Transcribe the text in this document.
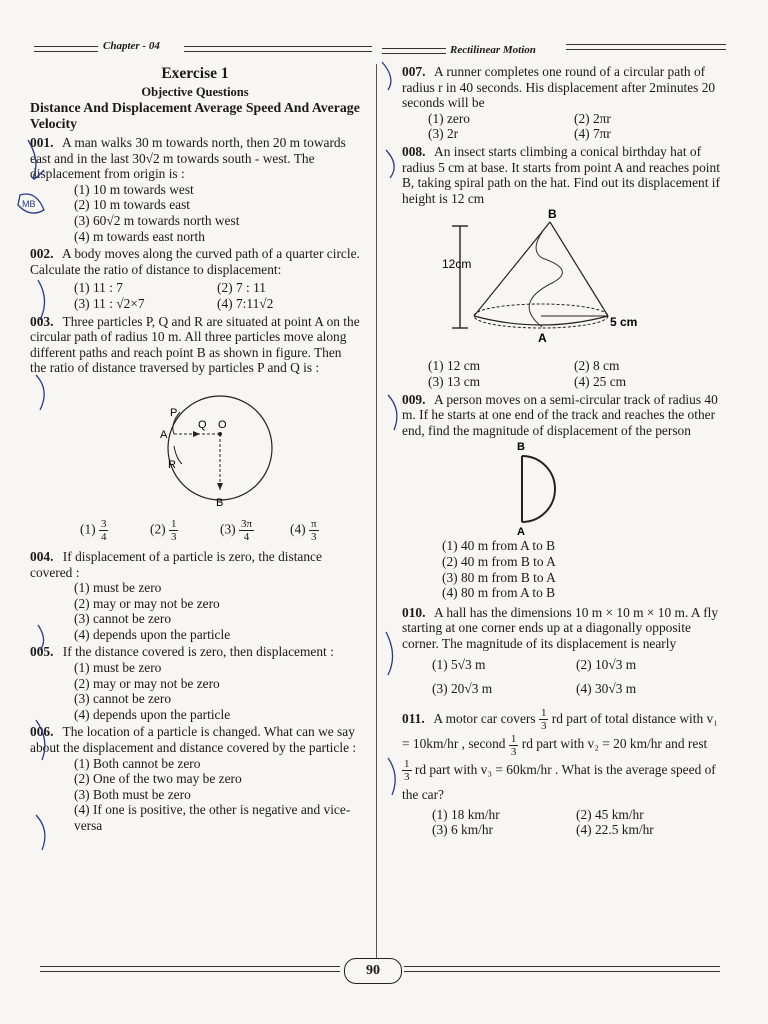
Chapter - 04	Rectilinear Motion
Exercise 1
Objective Questions
Distance And Displacement Average Speed And Average Velocity
001. A man walks 30 m towards north, then 20 m towards east and in the last 30√2 m towards south - west. The displacement from origin is :
(1) 10 m towards west
(2) 10 m towards east
(3) 60√2 m towards north west
(4) m towards east north
002. A body moves along the curved path of a quarter circle. Calculate the ratio of distance to displacement:
(1) 11 : 7	(2) 7 : 11
(3) 11 : √2×7	(4) 7:11√2
003. Three particles P, Q and R are situated at point A on the circular path of radius 10 m. All three particles move along different paths and reach point B as shown in figure. Then the ratio of distance traversed by particles P and Q is :
P
Q O
A
R
B
$(1) \frac{3}{4}$	$(2) \frac{1}{3}$	$(3) \frac{3\pi}{4}$	$(4) \frac{\pi}{3}$
004. If displacement of a particle is zero, the distance covered :
(1) must be zero
(2) may or may not be zero
(3) cannot be zero
(4) depends upon the particle
005. If the distance covered is zero, then displacement :
(1) must be zero
(2) may or may not be zero
(3) cannot be zero
(4) depends upon the particle
006. The location of a particle is changed. What can we say about the displacement and distance covered by the particle :
(1) Both cannot be zero
(2) One of the two may be zero
(3) Both must be zero
(4) If one is positive, the other is negative and vice-versa
007. A runner completes one round of a circular path of radius r in 40 seconds. His displacement after 2minutes 20 seconds will be
(1) zero	(2) 2πr
(3) 2r	(4) 7πr
008. An insect starts climbing a conical birthday hat of radius 5 cm at base. It starts from point A and reaches point B, taking spiral path on the hat. Find out its displacement if height is 12 cm
12cm
B
A
5 cm
(1) 12 cm	(2) 8 cm
(3) 13 cm	(4) 25 cm
009. A person moves on a semi-circular track of radius 40 m. If he starts at one end of the track and reaches the other end, find the magnitude of displacement of the person
B
A
(1) 40 m from A to B
(2) 40 m from B to A
(3) 80 m from B to A
(4) 80 m from A to B
010. A hall has the dimensions 10 m × 10 m × 10 m. A fly starting at one corner ends up at a diagonally opposite corner. The magnitude of its displacement is nearly
(1) 5√3 m	(2) 10√3 m
(3) 20√3 m	(4) 30√3 m
011. A motor car covers $\frac{1}{3}$ rd part of total distance with v₁ = 10km/hr , second $\frac{1}{3}$ rd part with v₂ = 20 km/hr and rest
$\frac{1}{3}$ rd part with v₃ = 60km/hr . What is the average speed of the car?
(1) 18 km/hr	(2) 45 km/hr
(3) 6 km/hr	(4) 22.5 km/hr
MB
90
